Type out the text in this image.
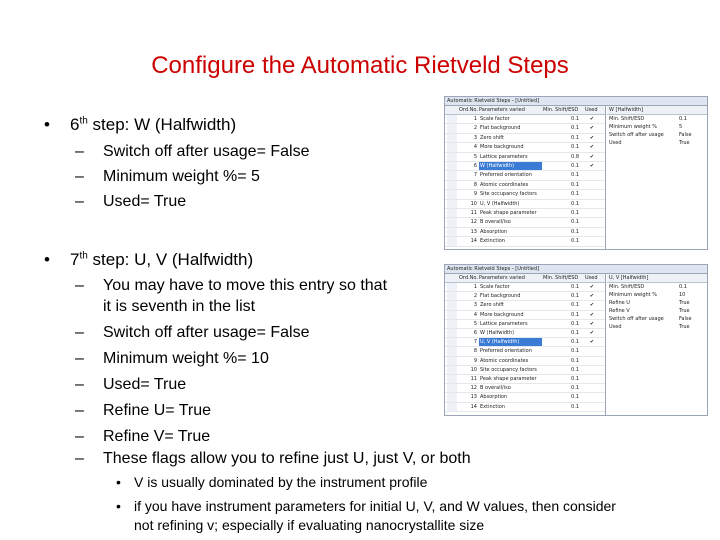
Configure the Automatic Rietveld Steps
• 6th step: W (Halfwidth)
– Switch off after usage= False
– Minimum weight %= 5
– Used= True
• 7th step: U, V (Halfwidth)
– You may have to move this entry so that
it is seventh in the list
– Switch off after usage= False
– Minimum weight %= 10
– Used= True
– Refine U= True
– Refine V= True
– These flags allow you to refine just U, just V, or both
• V is usually dominated by the instrument profile
• if you have instrument parameters for initial U, V, and W values, then consider
not refining v; especially if evaluating nanocrystallite size
Automatic Rietveld Steps - [Untitled]
Ord.No. Parameters varied	Min. Shift/ESD	Used
1 Scale factor	0.1	✔
2 Flat background	0.1	✔
3 Zero shift	0.1	✔
4 More background	0.1	✔
5 Lattice parameters	0.8	✔
6 W (Halfwidth)	0.1	✔
7 Preferred orientation	0.1
8 Atomic coordinates	0.1
9 Site occupancy factors	0.1
10 U, V (Halfwidth)	0.1
11 Peak shape parameter	0.1
12 B overall/iso	0.1
13 Absorption	0.1
14 Extinction	0.1
W [Halfwidth]
Min. Shift/ESD	0.1
Minimum weight %	5
Switch off after usage	False
Used	True
Automatic Rietveld Steps - [Untitled]
Ord.No. Parameters varied	Min. Shift/ESD	Used
1 Scale factor	0.1	✔
2 Flat background	0.1	✔
3 Zero shift	0.1	✔
4 More background	0.1	✔
5 Lattice parameters	0.1	✔
6 W (Halfwidth)	0.1	✔
7 U, V (Halfwidth)	0.1	✔
8 Preferred orientation	0.1
9 Atomic coordinates	0.1
10 Site occupancy factors	0.1
11 Peak shape parameter	0.1
12 B overall/iso	0.1
13 Absorption	0.1
14 Extinction	0.1
U, V [Halfwidth]
Min. Shift/ESD	0.1
Minimum weight %	10
Refine U	True
Refine V	True
Switch off after usage	False
Used	True
